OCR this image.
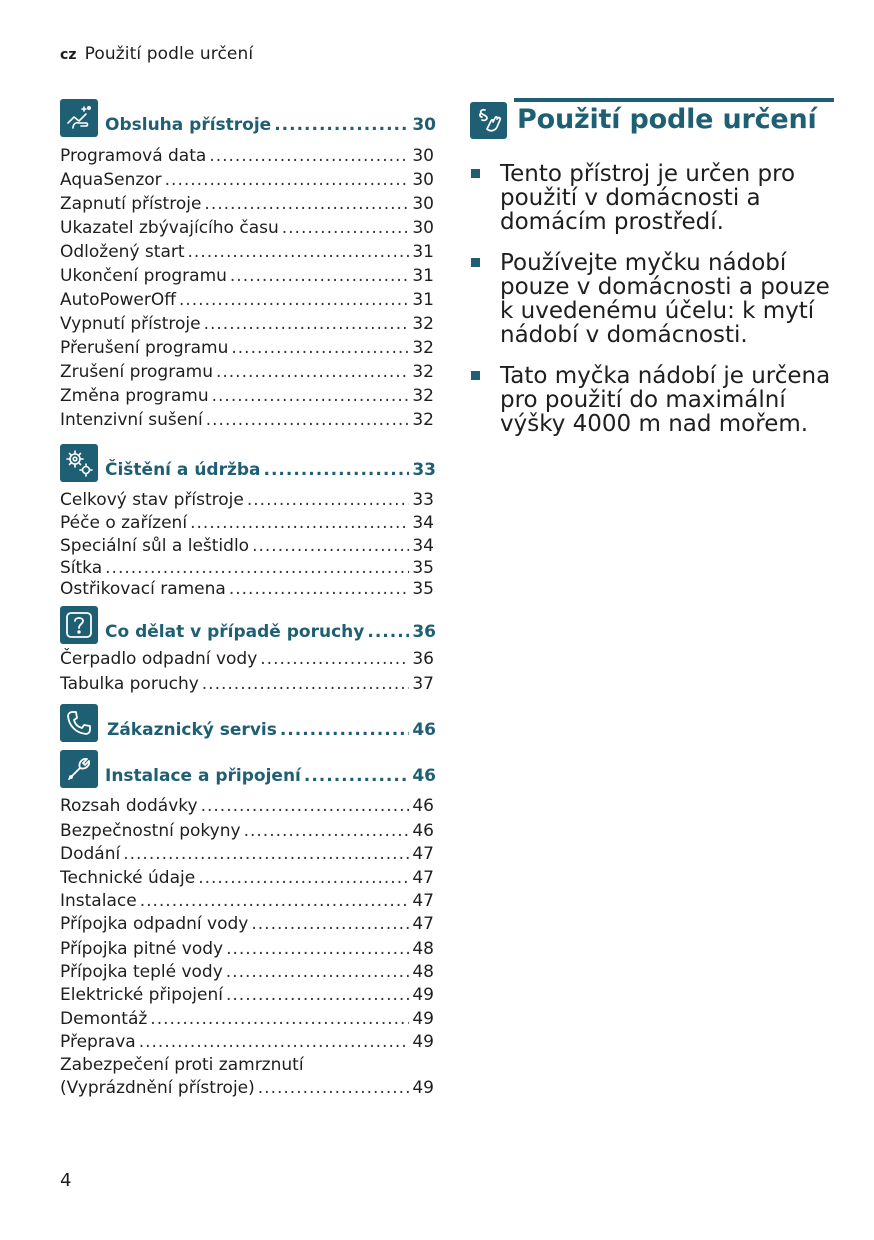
cz Použití podle určení
Obsluha přístroje .....	30
Programová data .....	30
AquaSenzor .....	30
Zapnutí přístroje .....	30
Ukazatel zbývajícího času .....	30
Odložený start .....	31
Ukončení programu .....	31
AutoPowerOff .....	31
Vypnutí přístroje .....	32
Přerušení programu .....	32
Zrušení programu .....	32
Změna programu .....	32
Intenzivní sušení .....	32
Čištění a údržba .....	33
Celkový stav přístroje .....	33
Péče o zařízení .....	34
Speciální sůl a leštidlo .....	34
Sítka .....	35
Ostřikovací ramena .....	35
Co dělat v případě poruchy .....	36
Čerpadlo odpadní vody .....	36
Tabulka poruchy .....	37
Zákaznický servis .....	46
Instalace a připojení .....	46
Rozsah dodávky .....	46
Bezpečnostní pokyny .....	46
Dodání .....	47
Technické údaje .....	47
Instalace .....	47
Přípojka odpadní vody .....	47
Přípojka pitné vody .....	48
Přípojka teplé vody .....	48
Elektrické připojení .....	49
Demontáž .....	49
Přeprava .....	49
Zabezpečení proti zamrznutí
(Vyprázdnění přístroje) .....	49
Použití podle určení
Tento přístroj je určen pro použití v domácnosti a domácím prostředí.
Používejte myčku nádobí pouze v domácnosti a pouze k uvedenému účelu: k mytí nádobí v domácnosti.
Tato myčka nádobí je určena pro použití do maximální výšky 4000 m nad mořem.
4
